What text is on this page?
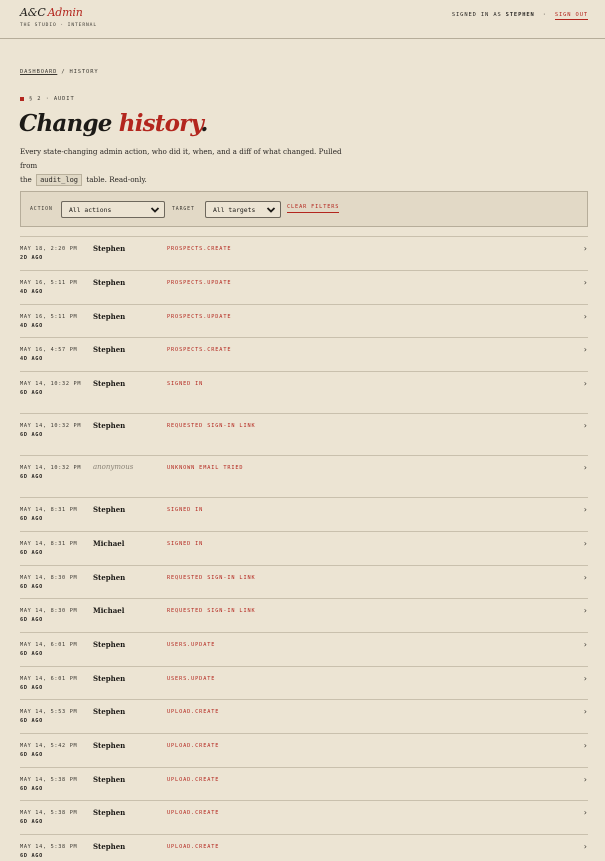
A&C Admin
THE STUDIO · INTERNAL
SIGNED IN AS STEPHEN · SIGN OUT
DASHBOARD / HISTORY
§ 2 · AUDIT
Change history.

Every state-changing admin action, who did it, when, and a diff of what changed. Pulled from
the audit_log table. Read-only.

ACTION	All actions	TARGET	All targets	CLEAR FILTERS
MAY 18, 2:20 PM
2D AGO
Stephen	PROSPECTS.CREATE	›
MAY 16, 5:11 PM
4D AGO
Stephen	PROSPECTS.UPDATE	›
MAY 16, 5:11 PM
4D AGO
Stephen	PROSPECTS.UPDATE	›
MAY 16, 4:57 PM
4D AGO
Stephen	PROSPECTS.CREATE	›
MAY 14, 10:32 PM
6D AGO
Stephen	SIGNED IN	›
MAY 14, 10:32 PM
6D AGO
Stephen	REQUESTED SIGN-IN LINK	›
MAY 14, 10:32 PM
6D AGO
anonymous	UNKNOWN EMAIL TRIED	›
MAY 14, 8:31 PM
6D AGO
Stephen	SIGNED IN	›
MAY 14, 8:31 PM
6D AGO
Michael	SIGNED IN	›
MAY 14, 8:30 PM
6D AGO
Stephen	REQUESTED SIGN-IN LINK	›
MAY 14, 8:30 PM
6D AGO
Michael	REQUESTED SIGN-IN LINK	›
MAY 14, 6:01 PM
6D AGO
Stephen	USERS.UPDATE	›
MAY 14, 6:01 PM
6D AGO
Stephen	USERS.UPDATE	›
MAY 14, 5:53 PM
6D AGO
Stephen	UPLOAD.CREATE	›
MAY 14, 5:42 PM
6D AGO
Stephen	UPLOAD.CREATE	›
MAY 14, 5:38 PM
6D AGO
Stephen	UPLOAD.CREATE	›
MAY 14, 5:38 PM
6D AGO
Stephen	UPLOAD.CREATE	›
MAY 14, 5:38 PM
6D AGO
Stephen	UPLOAD.CREATE	›
